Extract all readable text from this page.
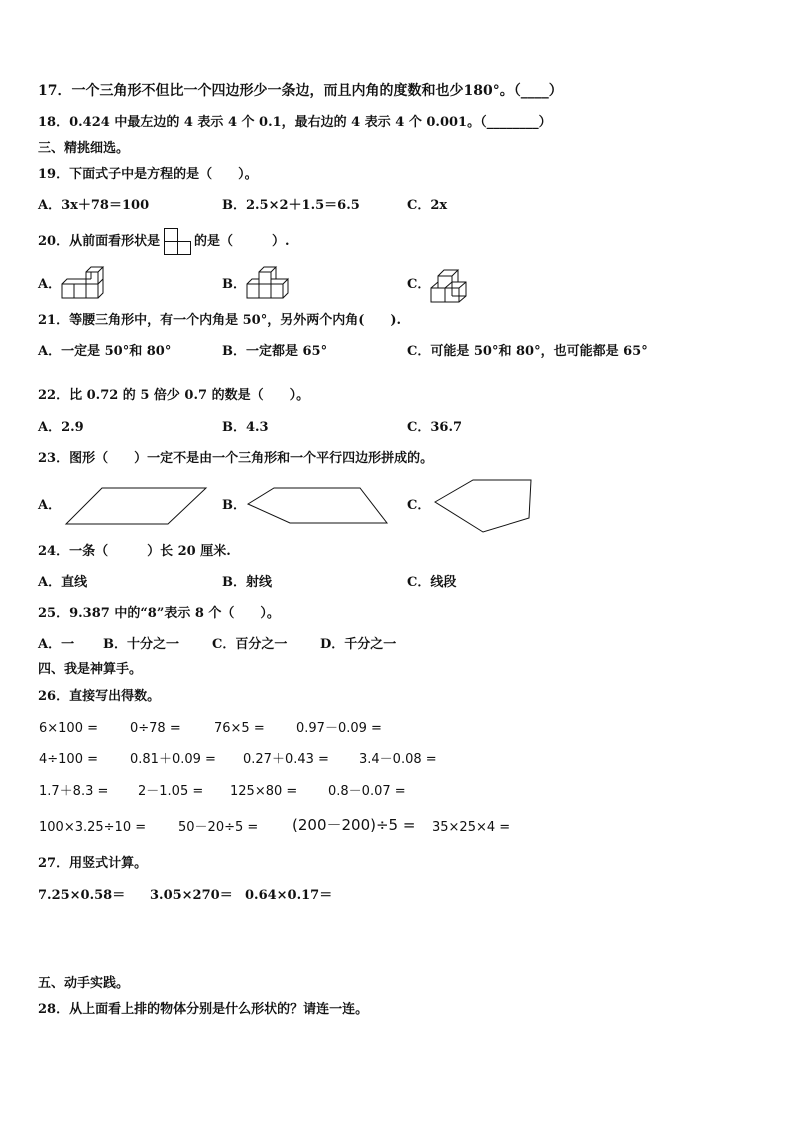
17．一个三角形不但比一个四边形少一条边，而且内角的度数和也少180°。（____）
18．0.424 中最左边的 4 表示 4 个 0.1，最右边的 4 表示 4 个 0.001。（________）
三、精挑细选。
19．下面式子中是方程的是（　　）。
A．3x＋78＝100	B．2.5×2＋1.5＝6.5	C．2x
20．从前面看形状是	的是（　　　）.
A．	B．	C．
21．等腰三角形中，有一个内角是 50°，另外两个内角(　　).
A．一定是 50°和 80°	B．一定都是 65°	C．可能是 50°和 80°，也可能都是 65°
22．比 0.72 的 5 倍少 0.7 的数是（　　）。
A．2.9	B．4.3	C．36.7
23．图形（　　）一定不是由一个三角形和一个平行四边形拼成的。
A．	B．	C．
24．一条（　　　）长 20 厘米.
A．直线	B．射线	C．线段
25．9.387 中的“8”表示 8 个（　　）。
A．一 B．十分之一	C．百分之一	D．千分之一
四、我是神算手。
26．直接写出得数。
6×100 = 0÷78 =	76×5 = 0.97－0.09 =
4÷100 = 0.81＋0.09 = 0.27＋0.43 = 3.4－0.08 =
1.7＋8.3 = 2－1.05 = 125×80 = 0.8－0.07 =
100×3.25÷10 = 50－20÷5 = (200－200)÷5 = 35×25×4 =
27．用竖式计算。
7.25×0.58＝ 3.05×270＝ 0.64×0.17＝
五、动手实践。
28．从上面看上排的物体分别是什么形状的？请连一连。
